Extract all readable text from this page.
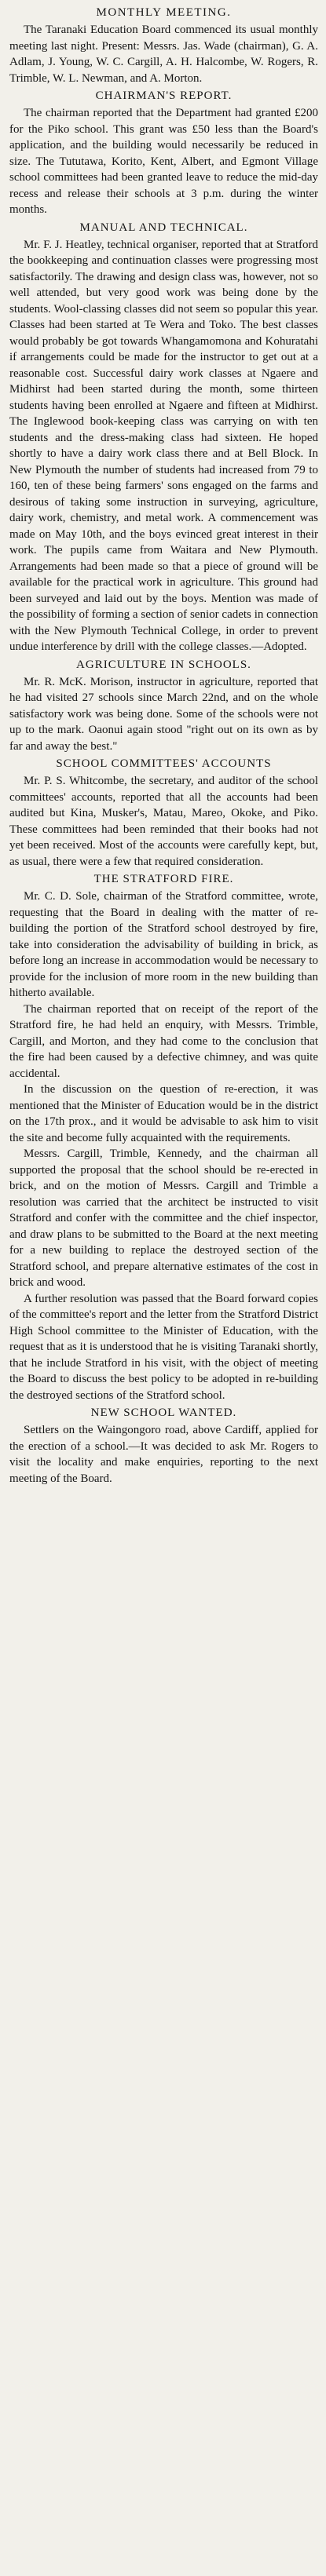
MONTHLY MEETING.

The Taranaki Education Board commenced its usual monthly meeting last night. Present: Messrs. Jas. Wade (chairman), G. A. Adlam, J. Young, W. C. Cargill, A. H. Halcombe, W. Rogers, R. Trimble, W. L. Newman, and A. Morton.

CHAIRMAN'S REPORT.

The chairman reported that the Department had granted £200 for the Piko school. This grant was £50 less than the Board's application, and the building would necessarily be reduced in size. The Tututawa, Korito, Kent, Albert, and Egmont Village school committees had been granted leave to reduce the mid-day recess and release their schools at 3 p.m. during the winter months.

MANUAL AND TECHNICAL.

Mr. F. J. Heatley, technical organiser, reported that at Stratford the bookkeeping and continuation classes were progressing most satisfactorily. The drawing and design class was, however, not so well attended, but very good work was being done by the students. Wool-classing classes did not seem so popular this year. Classes had been started at Te Wera and Toko. The best classes would probably be got towards Whangamomona and Kohuratahi if arrangements could be made for the instructor to get out at a reasonable cost. Successful dairy work classes at Ngaere and Midhirst had been started during the month, some thirteen students having been enrolled at Ngaere and fifteen at Midhirst. The Inglewood book-keeping class was carrying on with ten students and the dress-making class had sixteen. He hoped shortly to have a dairy work class there and at Bell Block. In New Plymouth the number of students had increased from 79 to 160, ten of these being farmers' sons engaged on the farms and desirous of taking some instruction in surveying, agriculture, dairy work, chemistry, and metal work. A commencement was made on May 10th, and the boys evinced great interest in their work. The pupils came from Waitara and New Plymouth. Arrangements had been made so that a piece of ground will be available for the practical work in agriculture. This ground had been surveyed and laid out by the boys. Mention was made of the possibility of forming a section of senior cadets in connection with the New Plymouth Technical College, in order to prevent undue interference by drill with the college classes.—Adopted.

AGRICULTURE IN SCHOOLS.

Mr. R. McK. Morison, instructor in agriculture, reported that he had visited 27 schools since March 22nd, and on the whole satisfactory work was being done. Some of the schools were not up to the mark. Oaonui again stood "right out on its own as by far and away the best."

SCHOOL COMMITTEES' ACCOUNTS

Mr. P. S. Whitcombe, the secretary, and auditor of the school committees' accounts, reported that all the accounts had been audited but Kina, Musker's, Matau, Mareo, Okoke, and Piko. These committees had been reminded that their books had not yet been received. Most of the accounts were carefully kept, but, as usual, there were a few that required consideration.

THE STRATFORD FIRE.

Mr. C. D. Sole, chairman of the Stratford committee, wrote, requesting that the Board in dealing with the matter of re-building the portion of the Stratford school destroyed by fire, take into consideration the advisability of building in brick, as before long an increase in accommodation would be necessary to provide for the inclusion of more room in the new building than hitherto available.

The chairman reported that on receipt of the report of the Stratford fire, he had held an enquiry, with Messrs. Trimble, Cargill, and Morton, and they had come to the conclusion that the fire had been caused by a defective chimney, and was quite accidental.

In the discussion on the question of re-erection, it was mentioned that the Minister of Education would be in the district on the 17th prox., and it would be advisable to ask him to visit the site and become fully acquainted with the requirements.

Messrs. Cargill, Trimble, Kennedy, and the chairman all supported the proposal that the school should be re-erected in brick, and on the motion of Messrs. Cargill and Trimble a resolution was carried that the architect be instructed to visit Stratford and confer with the committee and the chief inspector, and draw plans to be submitted to the Board at the next meeting for a new building to replace the destroyed section of the Stratford school, and prepare alternative estimates of the cost in brick and wood.

A further resolution was passed that the Board forward copies of the committee's report and the letter from the Stratford District High School committee to the Minister of Education, with the request that as it is understood that he is visiting Taranaki shortly, that he include Stratford in his visit, with the object of meeting the Board to discuss the best policy to be adopted in re-building the destroyed sections of the Stratford school.

NEW SCHOOL WANTED.

Settlers on the Waingongoro road, above Cardiff, applied for the erection of a school.—It was decided to ask Mr. Rogers to visit the locality and make enquiries, reporting to the next meeting of the Board.
